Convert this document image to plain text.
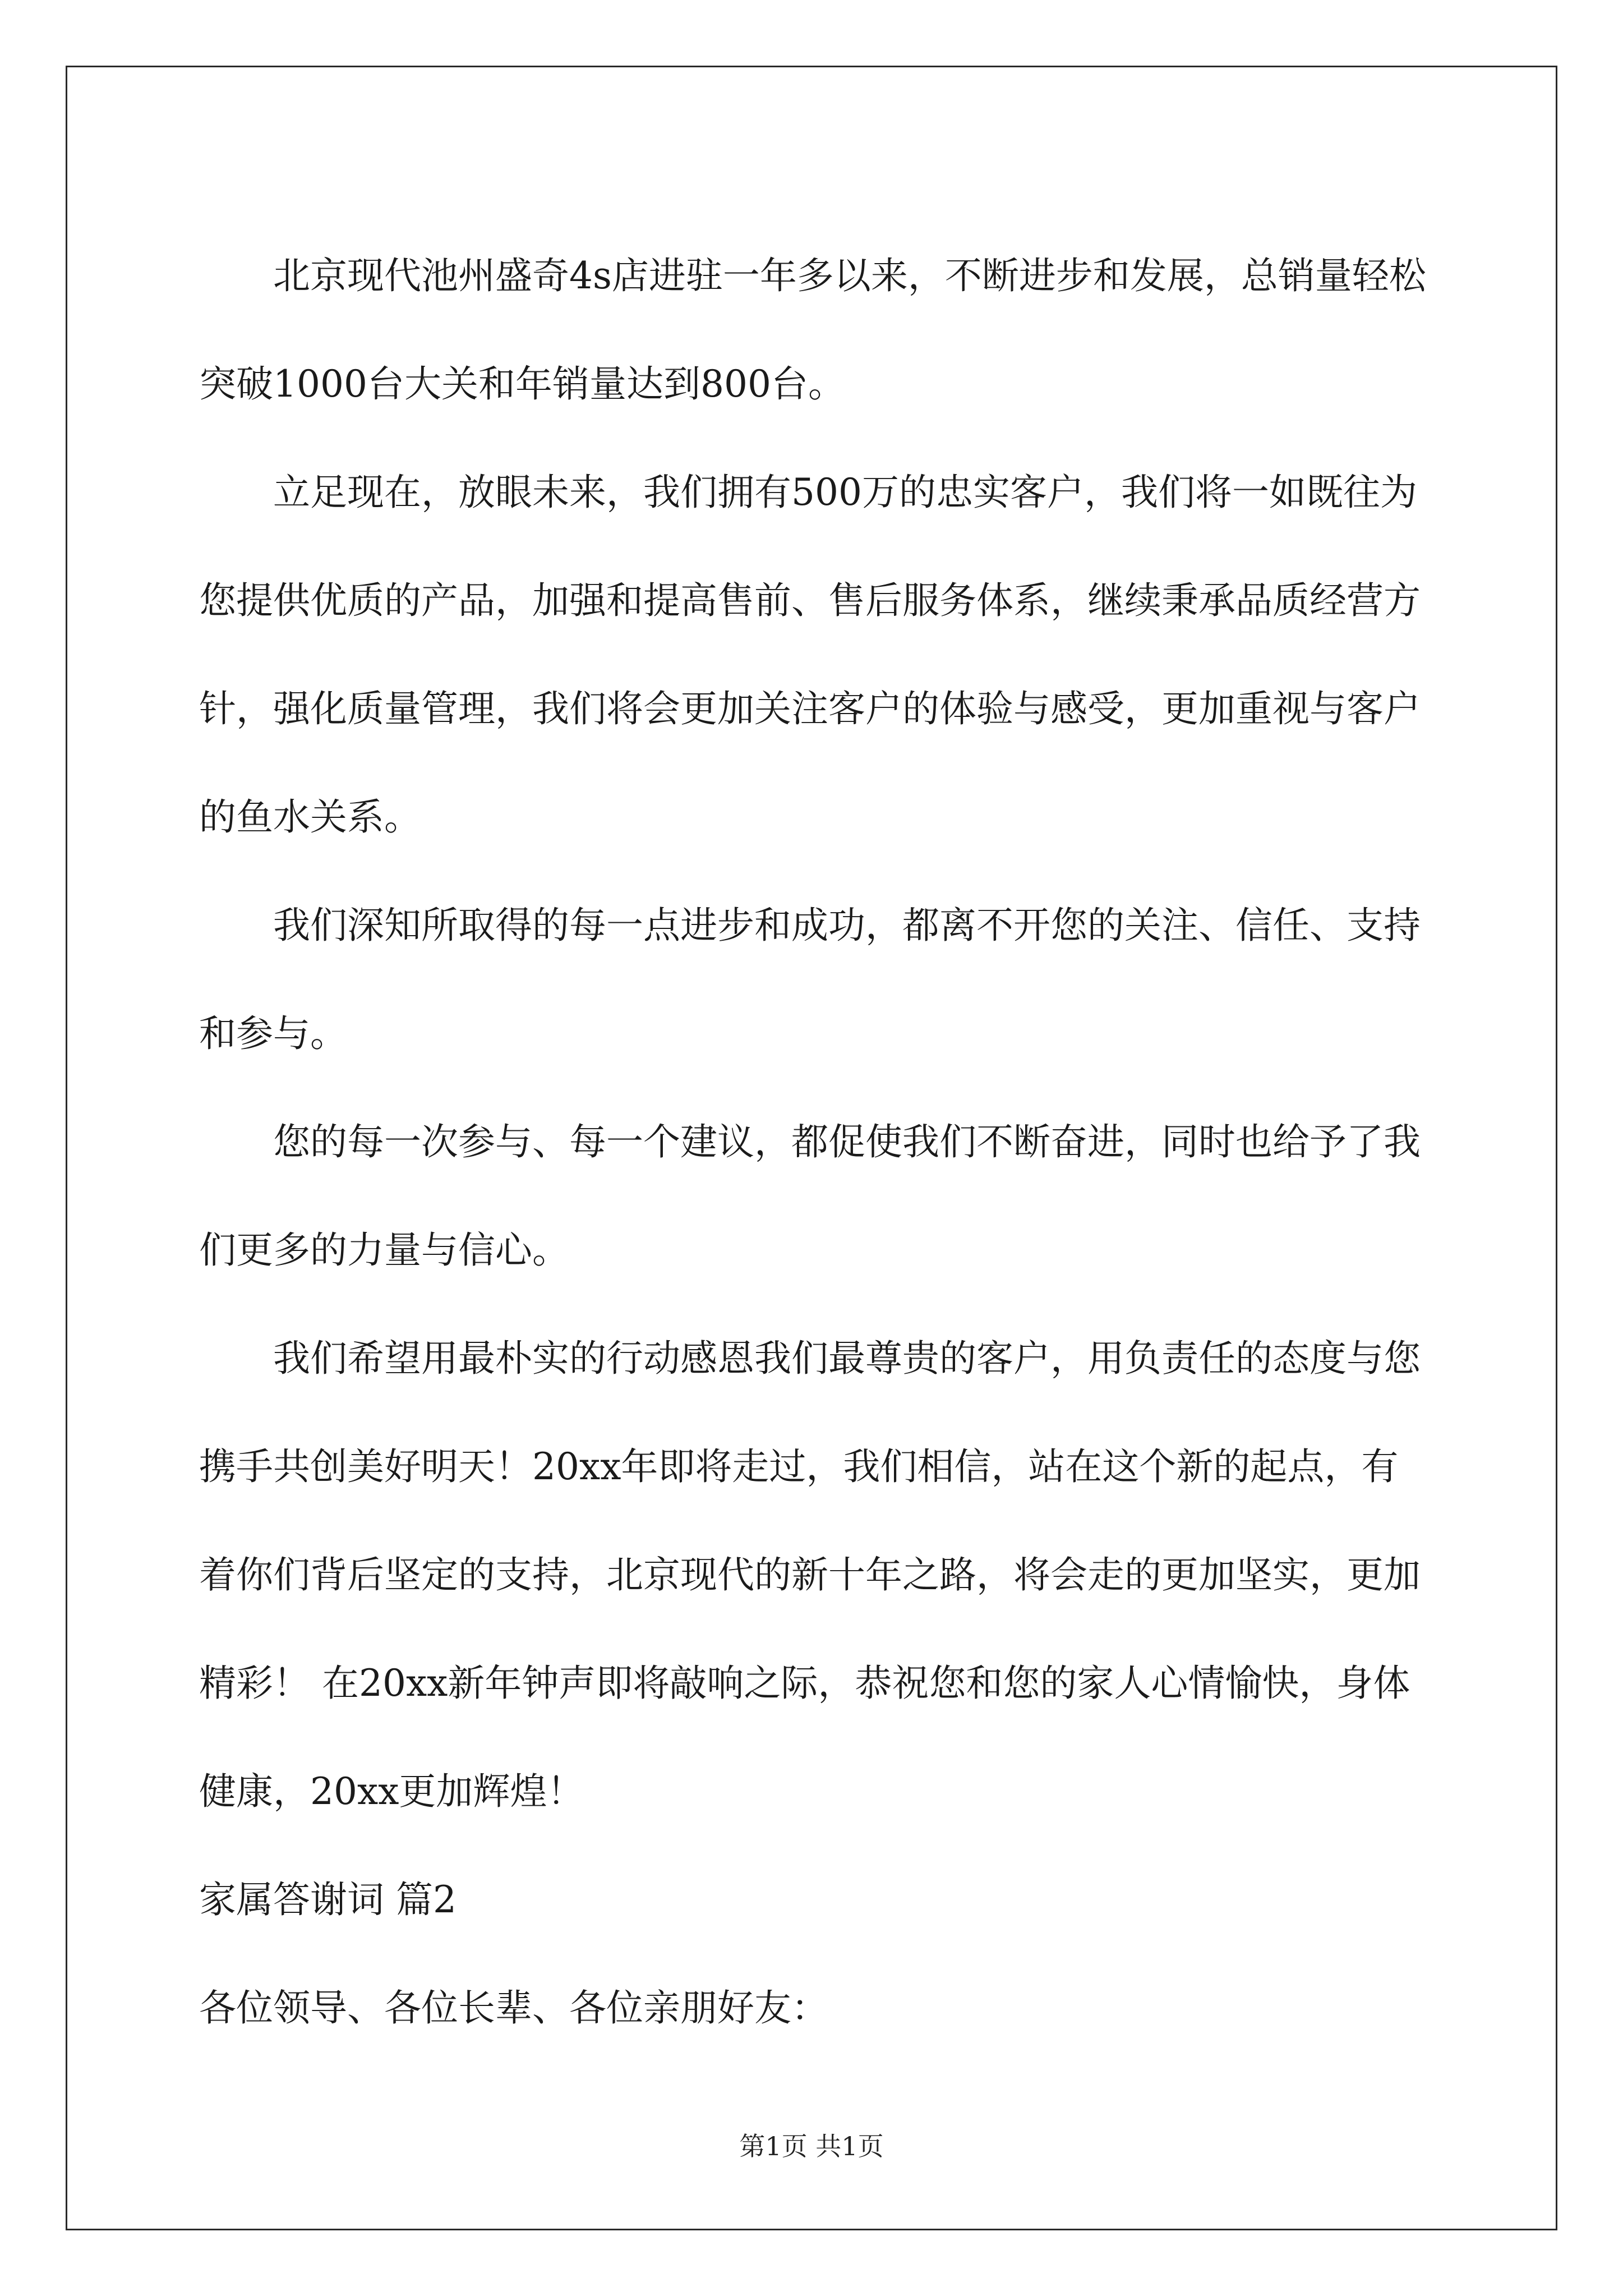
北京现代池州盛奇4s店进驻一年多以来，不断进步和发展，总销量轻松突破1000台大关和年销量达到800台。

立足现在，放眼未来，我们拥有500万的忠实客户，我们将一如既往为您提供优质的产品，加强和提高售前、售后服务体系，继续秉承品质经营方针，强化质量管理，我们将会更加关注客户的体验与感受，更加重视与客户的鱼水关系。

我们深知所取得的每一点进步和成功，都离不开您的关注、信任、支持和参与。

您的每一次参与、每一个建议，都促使我们不断奋进，同时也给予了我们更多的力量与信心。

我们希望用最朴实的行动感恩我们最尊贵的客户，用负责任的态度与您携手共创美好明天！20xx年即将走过，我们相信，站在这个新的起点，有着你们背后坚定的支持，北京现代的新十年之路，将会走的更加坚实，更加精彩！ 在20xx新年钟声即将敲响之际，恭祝您和您的家人心情愉快，身体健康，20xx更加辉煌！

家属答谢词 篇2

各位领导、各位长辈、各位亲朋好友：

第1页 共1页
